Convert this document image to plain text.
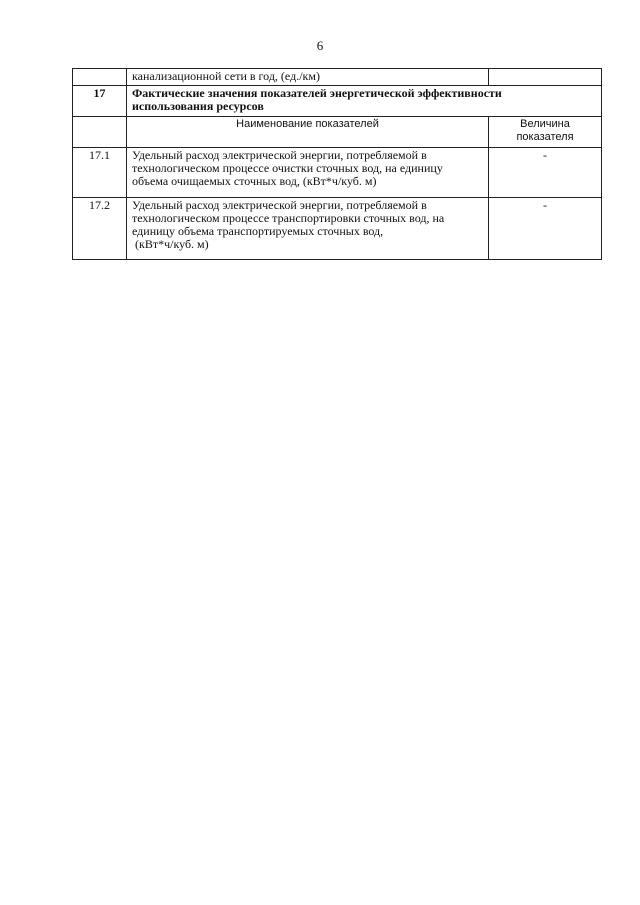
6
	канализационной сети в год, (ед./км)	
17	Фактические значения показателей энергетической эффективности
использования ресурсов	

	Наименование показателей	Величина
показателя

17.1	Удельный расход электрической энергии, потребляемой в
технологическом процессе очистки сточных вод, на единицу
объема очищаемых сточных вод, (кВт*ч/куб. м)	-
17.2	Удельный расход электрической энергии, потребляемой в
технологическом процессе транспортировки сточных вод, на
единицу объема транспортируемых сточных вод,
(кВт*ч/куб. м)	-
